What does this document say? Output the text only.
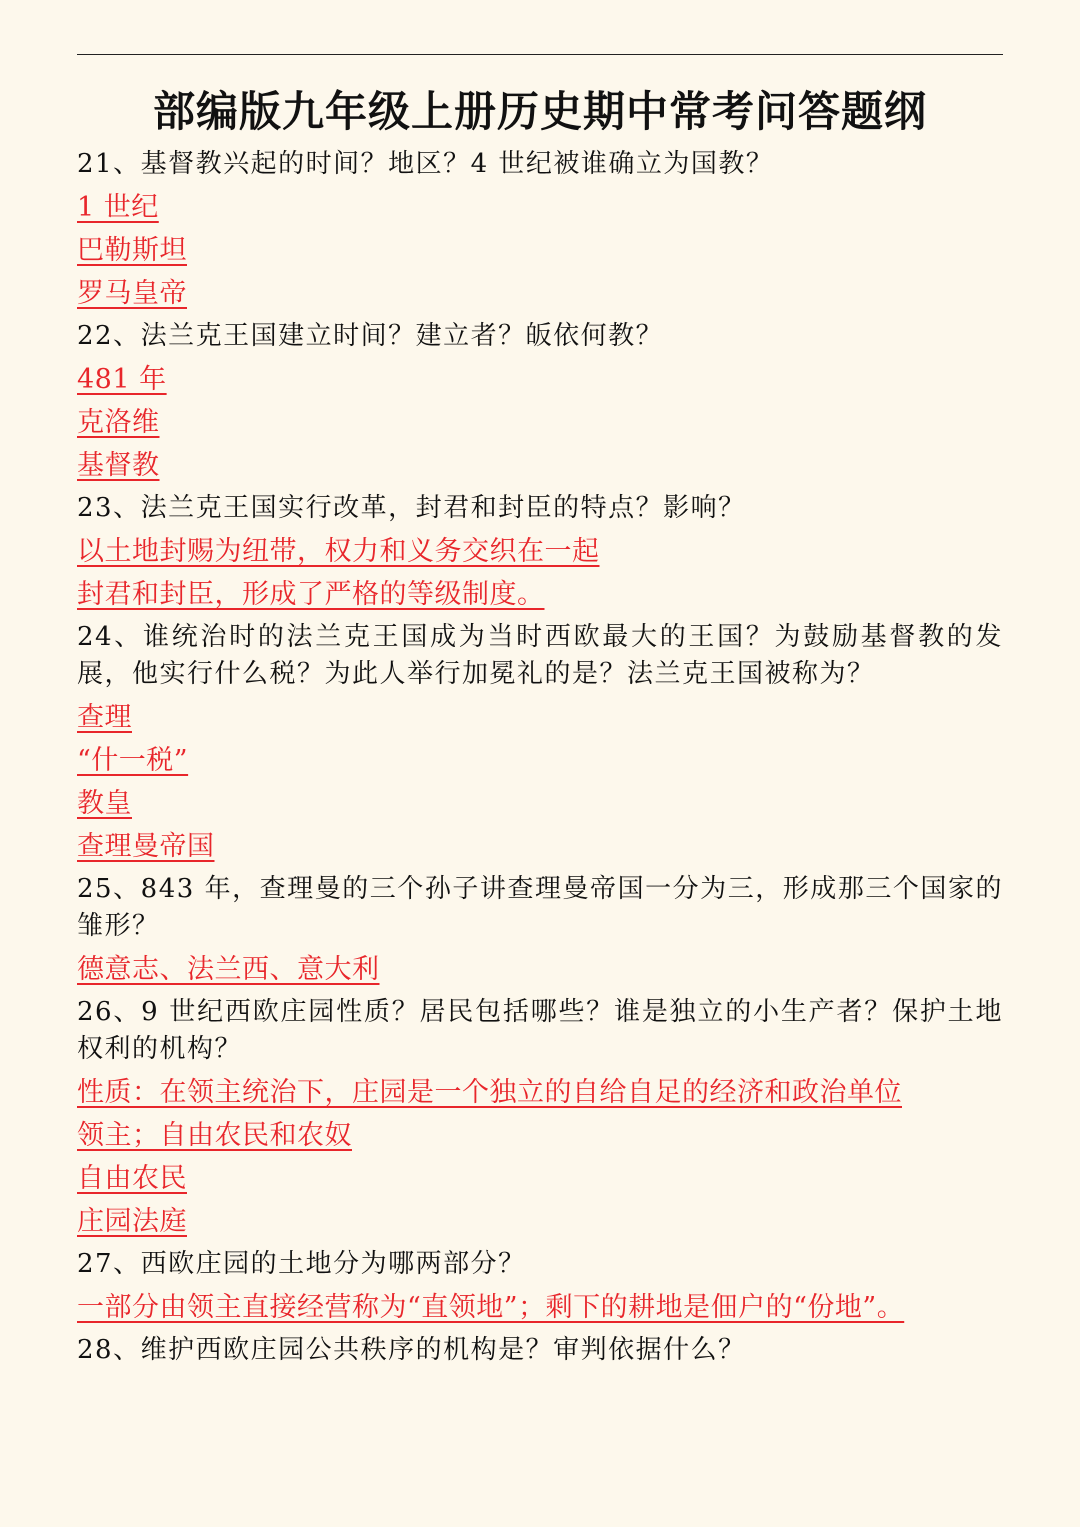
部编版九年级上册历史期中常考问答题纲
21、基督教兴起的时间？地区？4 世纪被谁确立为国教？
1 世纪
巴勒斯坦
罗马皇帝
22、法兰克王国建立时间？建立者？皈依何教？
481 年
克洛维
基督教
23、法兰克王国实行改革，封君和封臣的特点？影响？
以土地封赐为纽带，权力和义务交织在一起
封君和封臣，形成了严格的等级制度。
24、谁统治时的法兰克王国成为当时西欧最大的王国？为鼓励基督教的发展，他实行什么税？为此人举行加冕礼的是？法兰克王国被称为？
查理
“什一税”
教皇
查理曼帝国
25、843 年，查理曼的三个孙子讲查理曼帝国一分为三，形成那三个国家的雏形？
德意志、法兰西、意大利
26、9 世纪西欧庄园性质？居民包括哪些？谁是独立的小生产者？保护土地权利的机构？
性质：在领主统治下，庄园是一个独立的自给自足的经济和政治单位
领主；自由农民和农奴
自由农民
庄园法庭
27、西欧庄园的土地分为哪两部分？
一部分由领主直接经营称为“直领地”；剩下的耕地是佃户的“份地”。
28、维护西欧庄园公共秩序的机构是？审判依据什么？
